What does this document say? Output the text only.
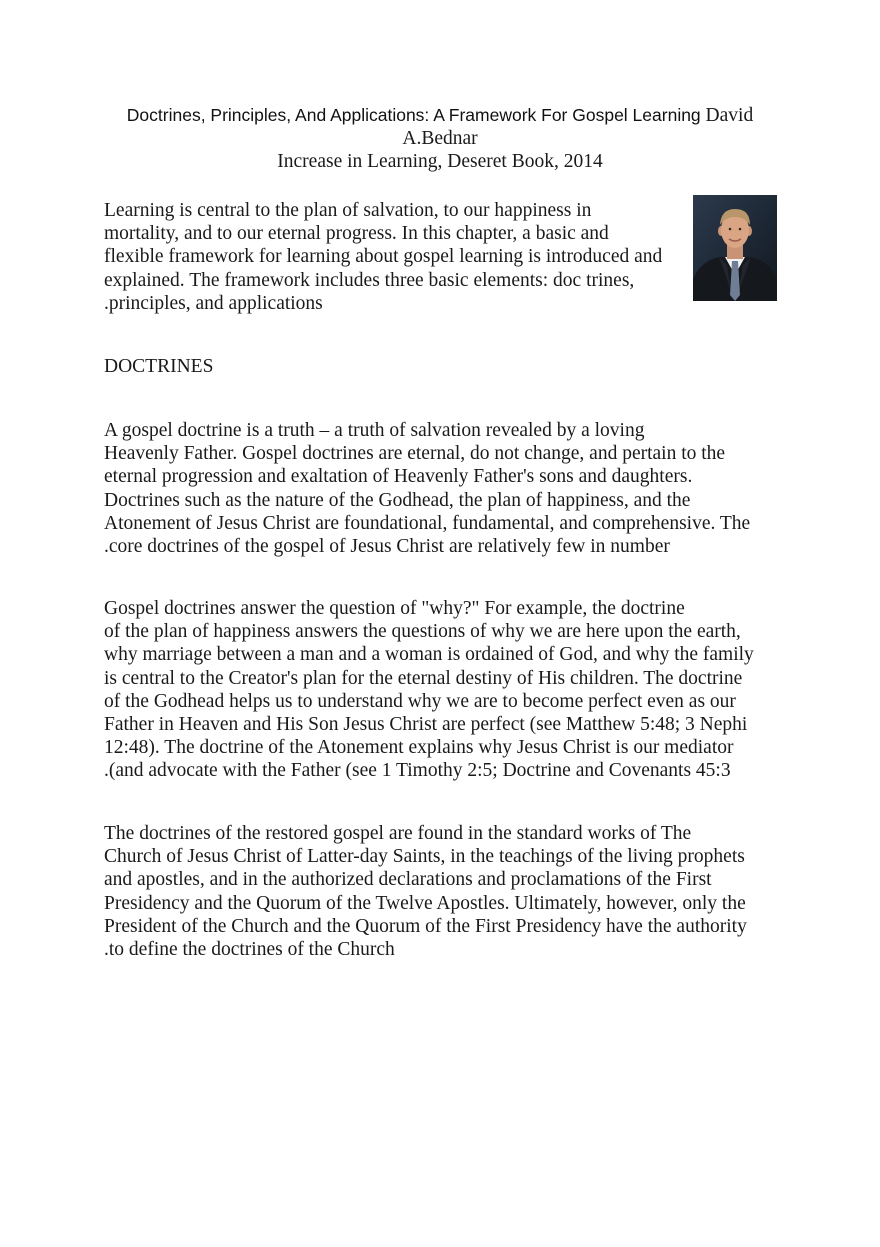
Doctrines, Principles, And Applications: A Framework For Gospel Learning David
A.Bednar
Increase in Learning, Deseret Book, 2014
Learning is central to the plan of salvation, to our happiness in
mortality, and to our eternal progress. In this chapter, a basic and
flexible framework for learning about gospel learning is introduced and
explained. The framework includes three basic elements: doc trines,
.principles, and applications
DOCTRINES
A gospel doctrine is a truth – a truth of salvation revealed by a loving
Heavenly Father. Gospel doctrines are eternal, do not change, and pertain to the
eternal progression and exaltation of Heavenly Father's sons and daughters.
Doctrines such as the nature of the Godhead, the plan of happiness, and the
Atonement of Jesus Christ are foundational, fundamental, and comprehensive. The
.core doctrines of the gospel of Jesus Christ are relatively few in number
Gospel doctrines answer the question of "why?" For example, the doctrine
of the plan of happiness answers the questions of why we are here upon the earth,
why marriage between a man and a woman is ordained of God, and why the family
is central to the Creator's plan for the eternal destiny of His children. The doctrine
of the Godhead helps us to understand why we are to become perfect even as our
Father in Heaven and His Son Jesus Christ are perfect (see Matthew 5:48; 3 Nephi
12:48). The doctrine of the Atonement explains why Jesus Christ is our mediator
.(and advocate with the Father (see 1 Timothy 2:5; Doctrine and Covenants 45:3
The doctrines of the restored gospel are found in the standard works of The
Church of Jesus Christ of Latter-day Saints, in the teachings of the living prophets
and apostles, and in the authorized declarations and proclamations of the First
Presidency and the Quorum of the Twelve Apostles. Ultimately, however, only the
President of the Church and the Quorum of the First Presidency have the authority
.to define the doctrines of the Church
